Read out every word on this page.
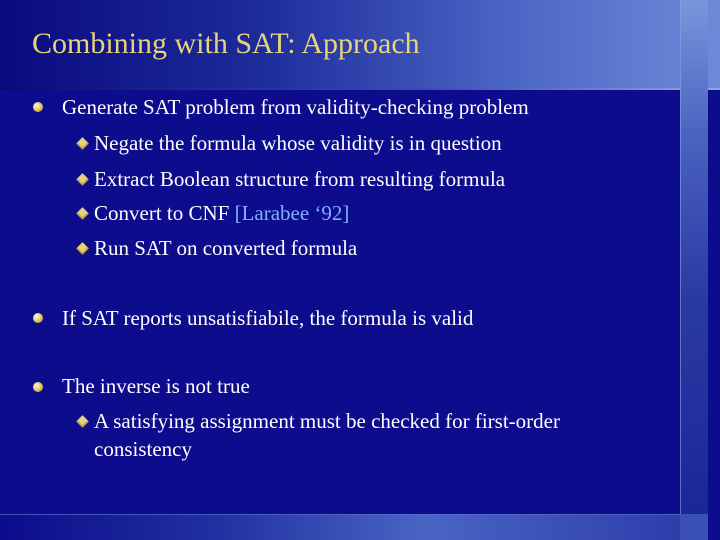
Combining with SAT: Approach
Generate SAT problem from validity-checking problem
Negate the formula whose validity is in question
Extract Boolean structure from resulting formula
Convert to CNF [Larabee ‘92]
Run SAT on converted formula
If SAT reports unsatisfiabile, the formula is valid
The inverse is not true
A satisfying assignment must be checked for first-order
consistency
